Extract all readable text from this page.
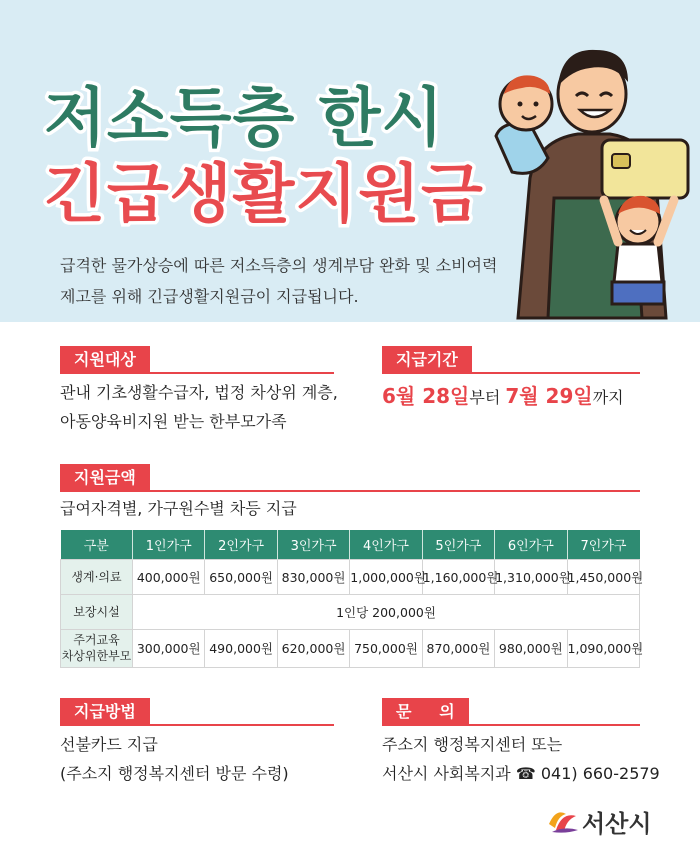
저소득층 한시
긴급생활지원금
급격한 물가상승에 따른 저소득층의 생계부담 완화 및 소비여력
제고를 위해 긴급생활지원금이 지급됩니다.
지원대상
관내 기초생활수급자, 법정 차상위 계층,
아동양육비지원 받는 한부모가족
지급기간
6월 28일부터 7월 29일까지
지원금액
급여자격별, 가구원수별 차등 지급
구분	1인가구	2인가구	3인가구	4인가구	5인가구	6인가구	7인가구
생계·의료	400,000원	650,000원	830,000원	1,000,000원	1,160,000원	1,310,000원	1,450,000원
보장시설	1인당 200,000원						

주거교육
차상위한부모	300,000원	490,000원	620,000원	750,000원	870,000원	980,000원	1,090,000원
지급방법
선불카드 지급
(주소지 행정복지센터 방문 수령)
문     의
주소지 행정복지센터 또는
서산시 사회복지과 ☎ 041) 660-2579
서산시
